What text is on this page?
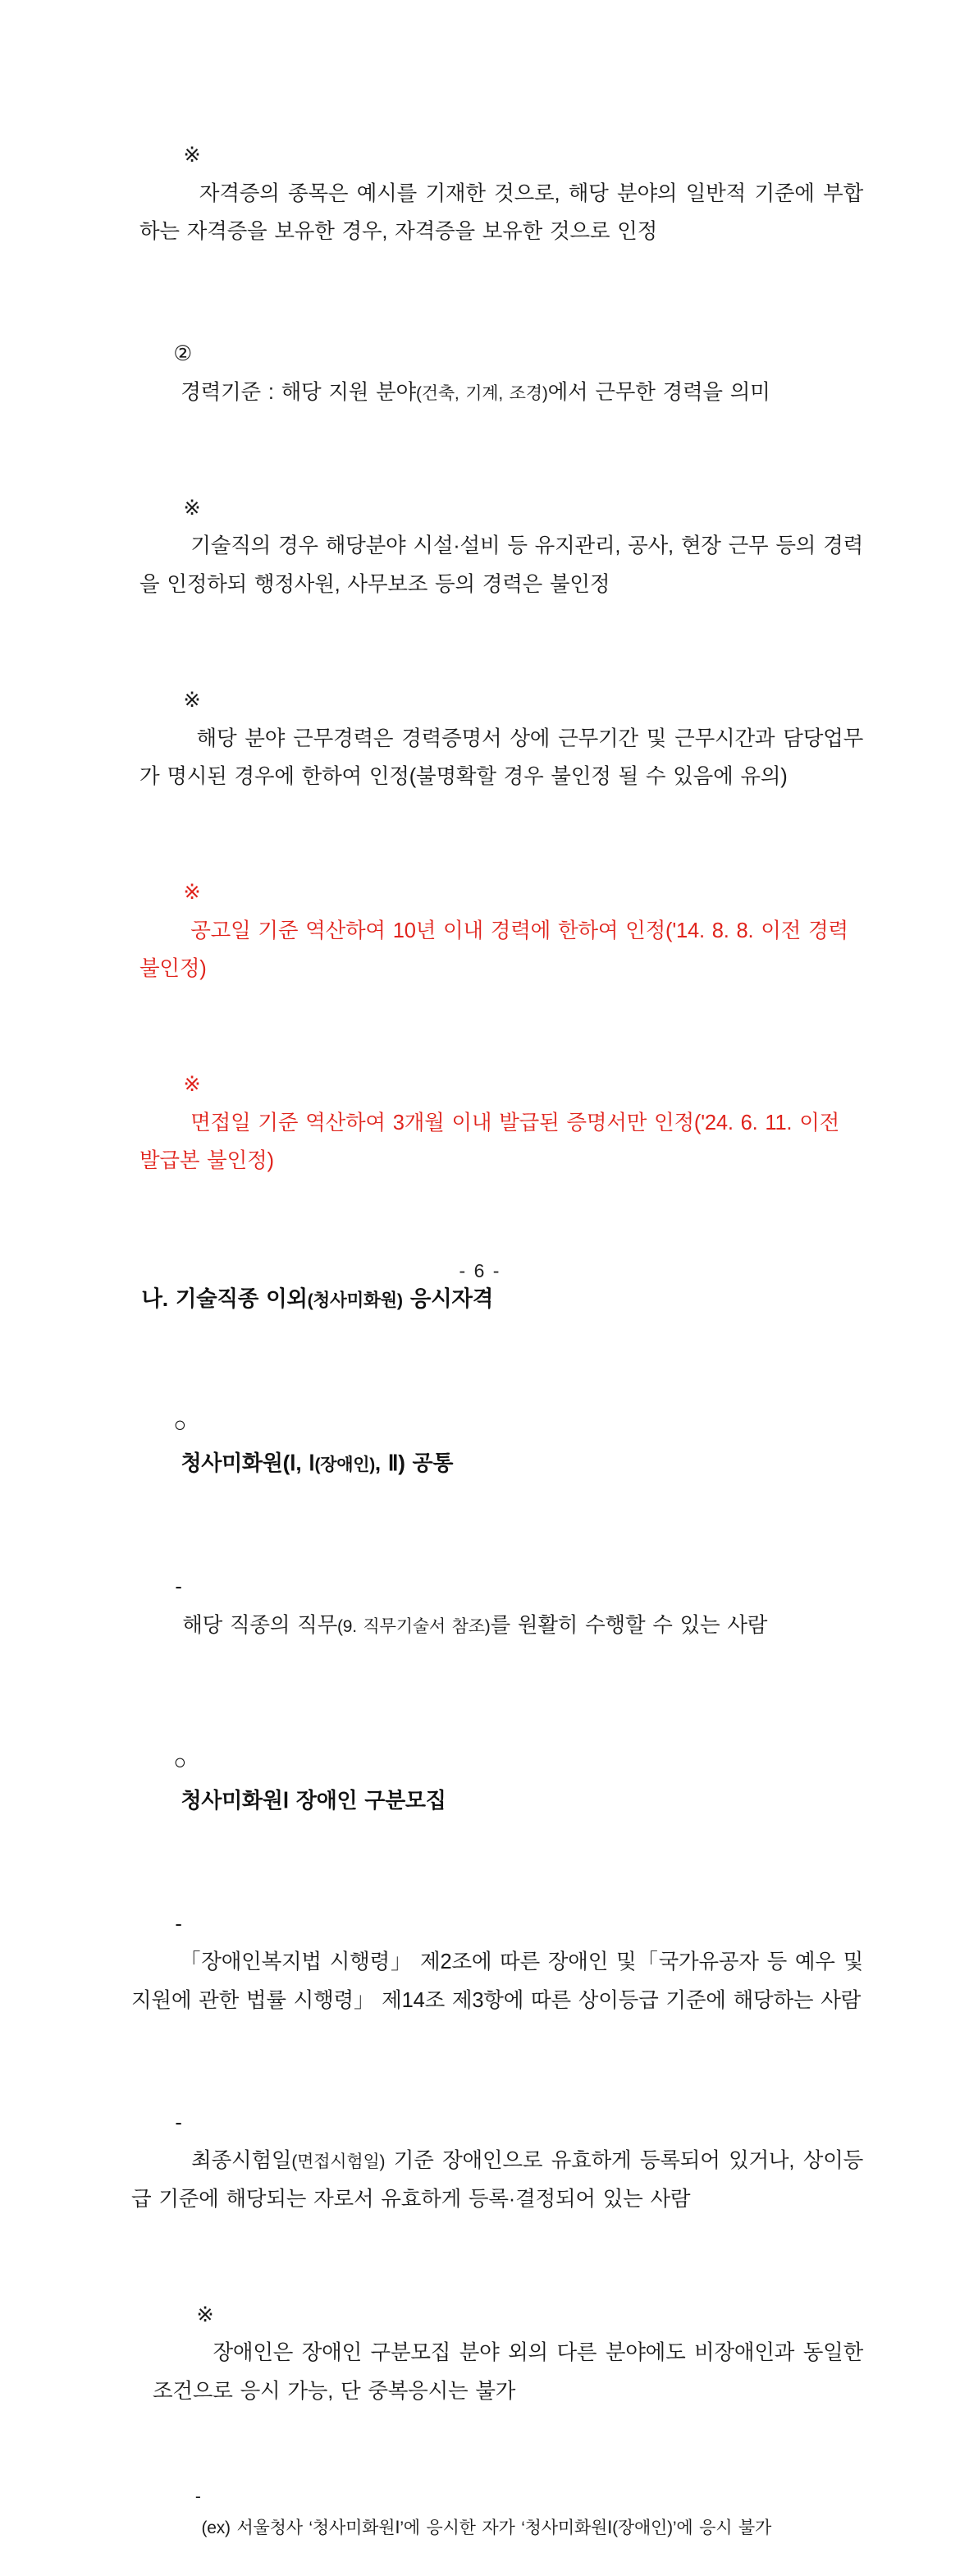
※
자격증의 종목은 예시를 기재한 것으로, 해당 분야의 일반적 기준에 부합하는 자격증을 보유한 경우, 자격증을 보유한 것으로 인정

②
경력기준 : 해당 지원 분야(건축, 기계, 조경)에서 근무한 경력을 의미

※
기술직의 경우 해당분야 시설·설비 등 유지관리, 공사, 현장 근무 등의 경력을 인정하되 행정사원, 사무보조 등의 경력은 불인정

※
해당 분야 근무경력은 경력증명서 상에 근무기간 및 근무시간과 담당업무가 명시된 경우에 한하여 인정(불명확할 경우 불인정 될 수 있음에 유의)

※
공고일 기준 역산하여 10년 이내 경력에 한하여 인정('14. 8. 8. 이전 경력 불인정)

※
면접일 기준 역산하여 3개월 이내 발급된 증명서만 인정('24. 6. 11. 이전 발급본 불인정)

나. 기술직종 이외(청사미화원) 응시자격

○
청사미화원(Ⅰ, Ⅰ(장애인), Ⅱ) 공통

-
해당 직종의 직무(9. 직무기술서 참조)를 원활히 수행할 수 있는 사람

○
청사미화원Ⅰ 장애인 구분모집

-
「장애인복지법 시행령」 제2조에 따른 장애인 및「국가유공자 등 예우 및 지원에 관한 법률 시행령」 제14조 제3항에 따른 상이등급 기준에 해당하는 사람

-
최종시험일(면접시험일) 기준 장애인으로 유효하게 등록되어 있거나, 상이등급 기준에 해당되는 자로서 유효하게 등록·결정되어 있는 사람

※
장애인은 장애인 구분모집 분야 외의 다른 분야에도 비장애인과 동일한 조건으로 응시 가능, 단 중복응시는 불가

-
(ex) 서울청사 ‘청사미화원Ⅰ’에 응시한 자가 ‘청사미화원Ⅰ(장애인)’에 응시 불가

- 6 -
